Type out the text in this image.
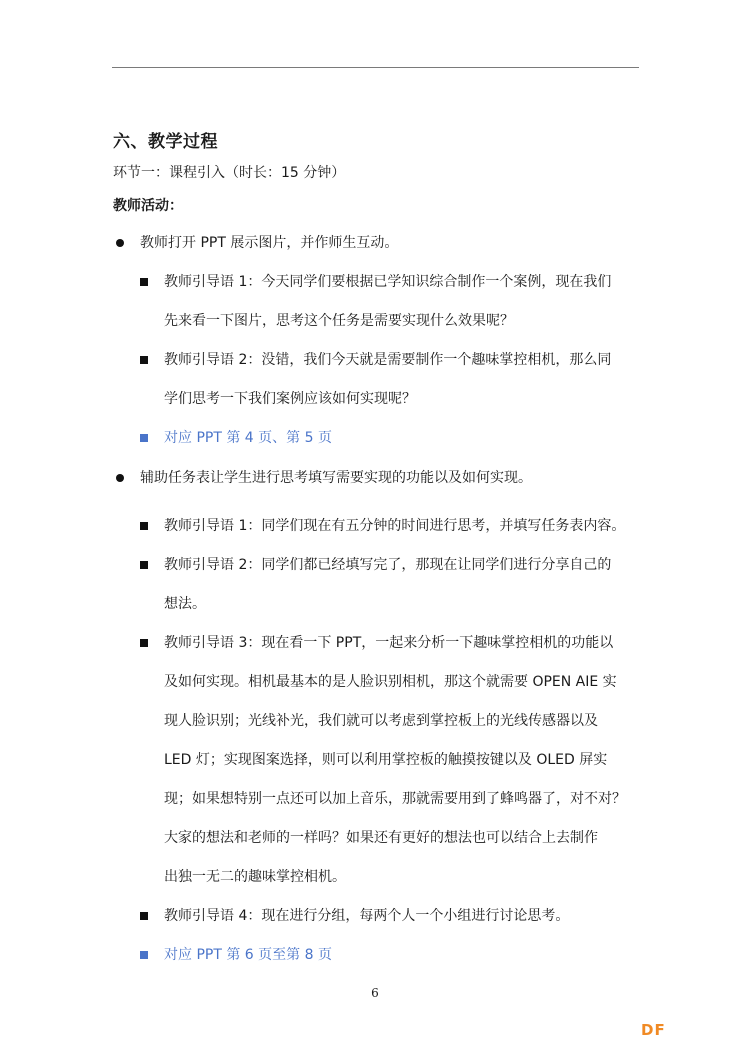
六、教学过程
环节一：课程引入（时长：15 分钟）
教师活动：
教师打开 PPT 展示图片，并作师生互动。
教师引导语 1：今天同学们要根据已学知识综合制作一个案例，现在我们
先来看一下图片，思考这个任务是需要实现什么效果呢？
教师引导语 2：没错，我们今天就是需要制作一个趣味掌控相机，那么同
学们思考一下我们案例应该如何实现呢？
对应 PPT 第 4 页、第 5 页
辅助任务表让学生进行思考填写需要实现的功能以及如何实现。
教师引导语 1：同学们现在有五分钟的时间进行思考，并填写任务表内容。
教师引导语 2：同学们都已经填写完了，那现在让同学们进行分享自己的
想法。
教师引导语 3：现在看一下 PPT，一起来分析一下趣味掌控相机的功能以
及如何实现。相机最基本的是人脸识别相机，那这个就需要 OPEN AIE 实
现人脸识别；光线补光，我们就可以考虑到掌控板上的光线传感器以及
LED 灯；实现图案选择，则可以利用掌控板的触摸按键以及 OLED 屏实
现；如果想特别一点还可以加上音乐，那就需要用到了蜂鸣器了，对不对？
大家的想法和老师的一样吗？如果还有更好的想法也可以结合上去制作
出独一无二的趣味掌控相机。
教师引导语 4：现在进行分组，每两个人一个小组进行讨论思考。
对应 PPT 第 6 页至第 8 页
6
DF
